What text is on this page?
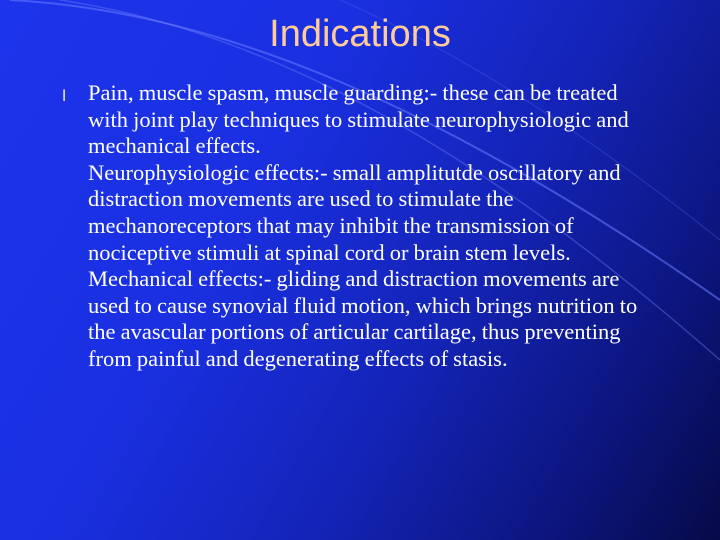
Indications
l Pain, muscle spasm, muscle guarding:- these can be treated with joint play techniques to stimulate neurophysiologic and mechanical effects.
Neurophysiologic effects:- small amplitutde oscillatory and distraction movements are used to stimulate the mechanoreceptors that may inhibit the transmission of nociceptive stimuli at spinal cord or brain stem levels.
Mechanical effects:- gliding and distraction movements are used to cause synovial fluid motion, which brings nutrition to the avascular portions of articular cartilage, thus preventing from painful and degenerating effects of stasis.
